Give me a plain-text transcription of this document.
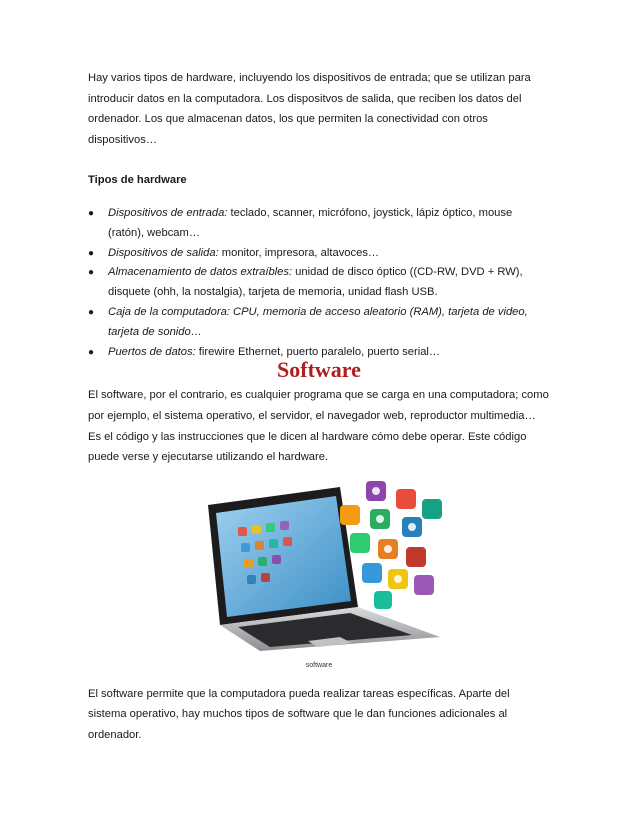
Hay varios tipos de hardware, incluyendo los dispositivos de entrada; que se utilizan para introducir datos en la computadora. Los dispositvos de salida, que reciben los datos del ordenador. Los que almacenan datos, los que permiten la conectividad con otros dispositivos…

Tipos de hardware

● Dispositivos de entrada: teclado, scanner, micrófono, joystick, lápiz óptico, mouse (ratón), webcam…
● Dispositivos de salida: monitor, impresora, altavoces…
● Almacenamiento de datos extraíbles: unidad de disco óptico ((CD-RW, DVD + RW), disquete (ohh, la nostalgia), tarjeta de memoria, unidad flash USB.
● Caja de la computadora: CPU, memoria de acceso aleatorio (RAM), tarjeta de video, tarjeta de sonido…
● Puertos de datos: firewire Ethernet, puerto paralelo, puerto serial…
Software

El software, por el contrario, es cualquier programa que se carga en una computadora; como por ejemplo, el sistema operativo, el servidor, el navegador web, reproductor multimedia… Es el código y las instrucciones que le dicen al hardware cómo debe operar. Este código puede verse y ejecutarse utilizando el hardware.

software

El software permite que la computadora pueda realizar tareas específicas. Aparte del sistema operativo, hay muchos tipos de software que le dan funciones adicionales al ordenador.
